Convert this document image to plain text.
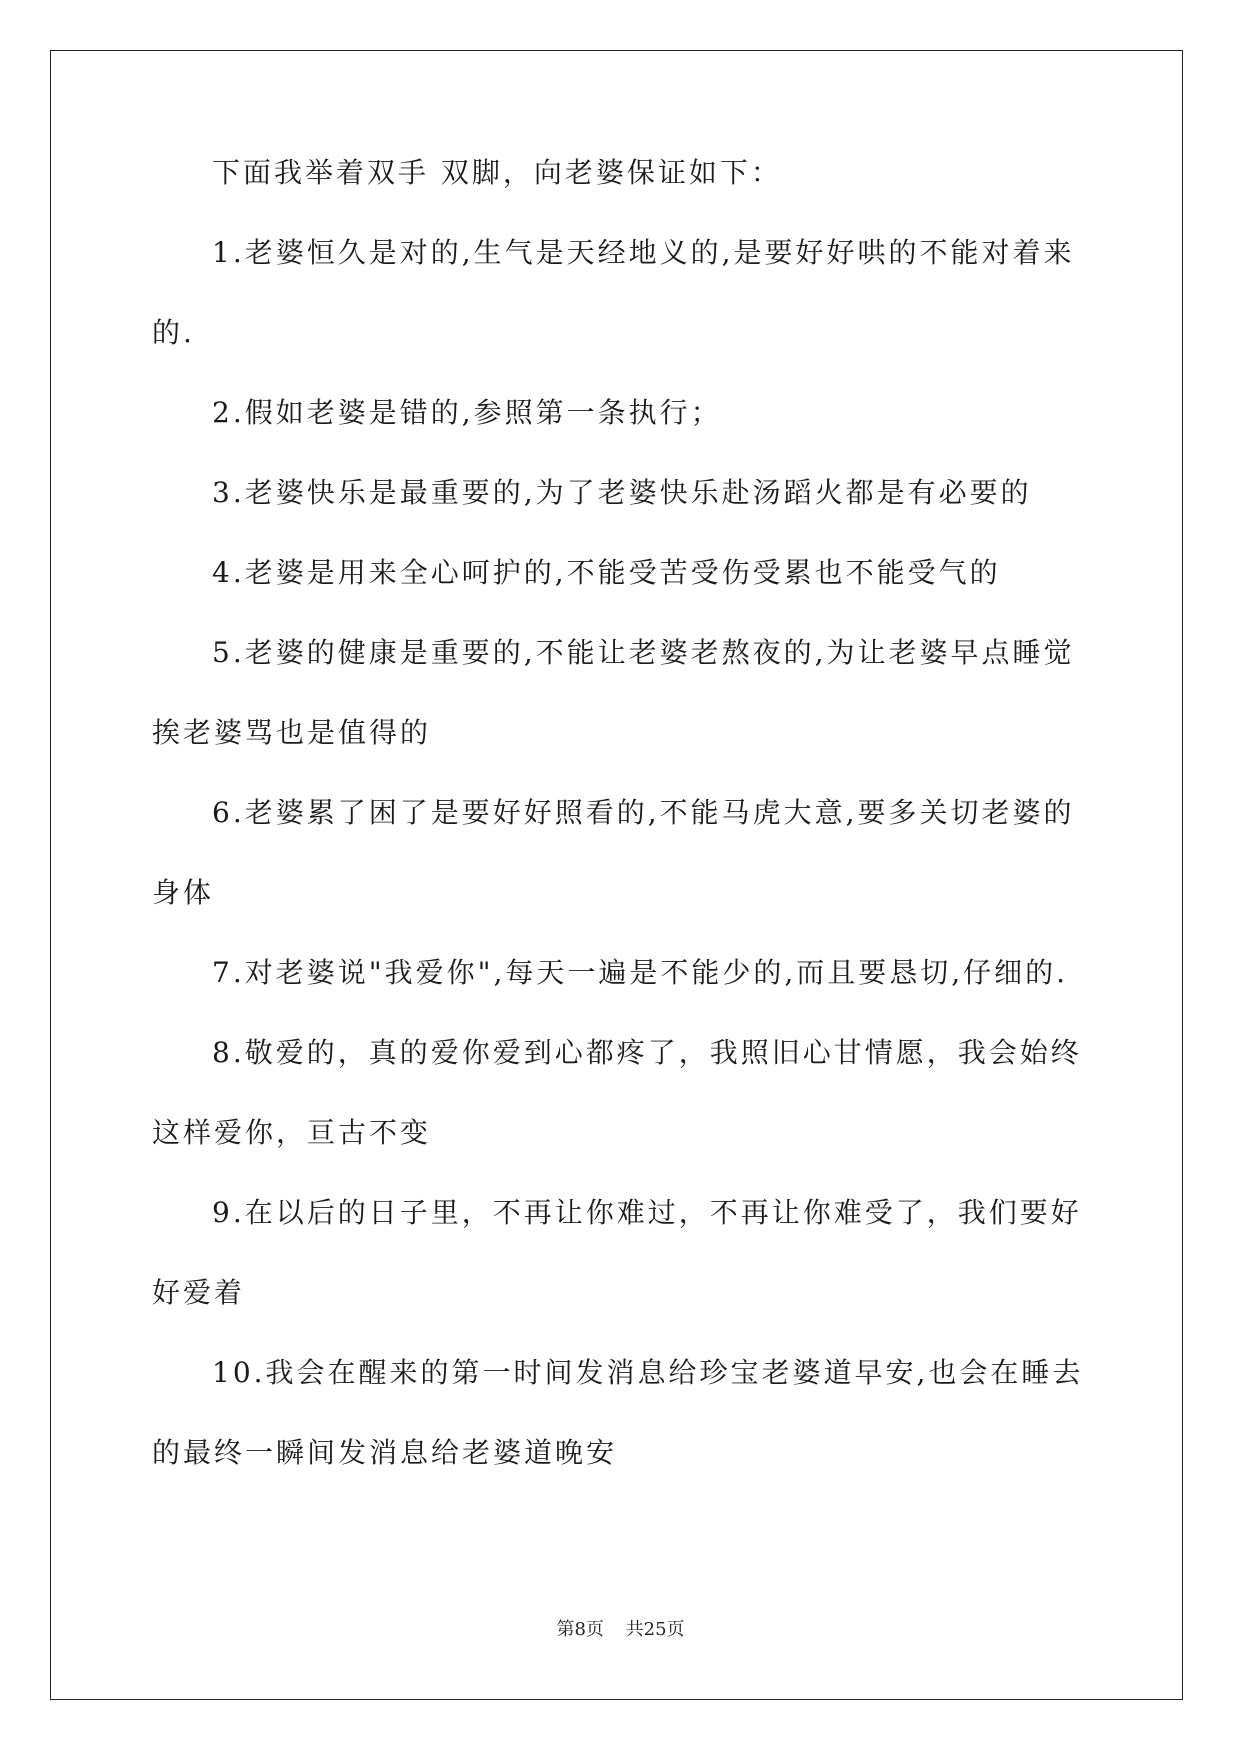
下面我举着双手 双脚，向老婆保证如下：
1.老婆恒久是对的,生气是天经地义的,是要好好哄的不能对着来
的.
2.假如老婆是错的,参照第一条执行；
3.老婆快乐是最重要的,为了老婆快乐赴汤蹈火都是有必要的
4.老婆是用来全心呵护的,不能受苦受伤受累也不能受气的
5.老婆的健康是重要的,不能让老婆老熬夜的,为让老婆早点睡觉
挨老婆骂也是值得的
6.老婆累了困了是要好好照看的,不能马虎大意,要多关切老婆的
身体
7.对老婆说"我爱你",每天一遍是不能少的,而且要恳切,仔细的.
8.敬爱的，真的爱你爱到心都疼了，我照旧心甘情愿，我会始终
这样爱你，亘古不变
9.在以后的日子里，不再让你难过，不再让你难受了，我们要好
好爱着
10.我会在醒来的第一时间发消息给珍宝老婆道早安,也会在睡去
的最终一瞬间发消息给老婆道晚安
第8页 共25页
